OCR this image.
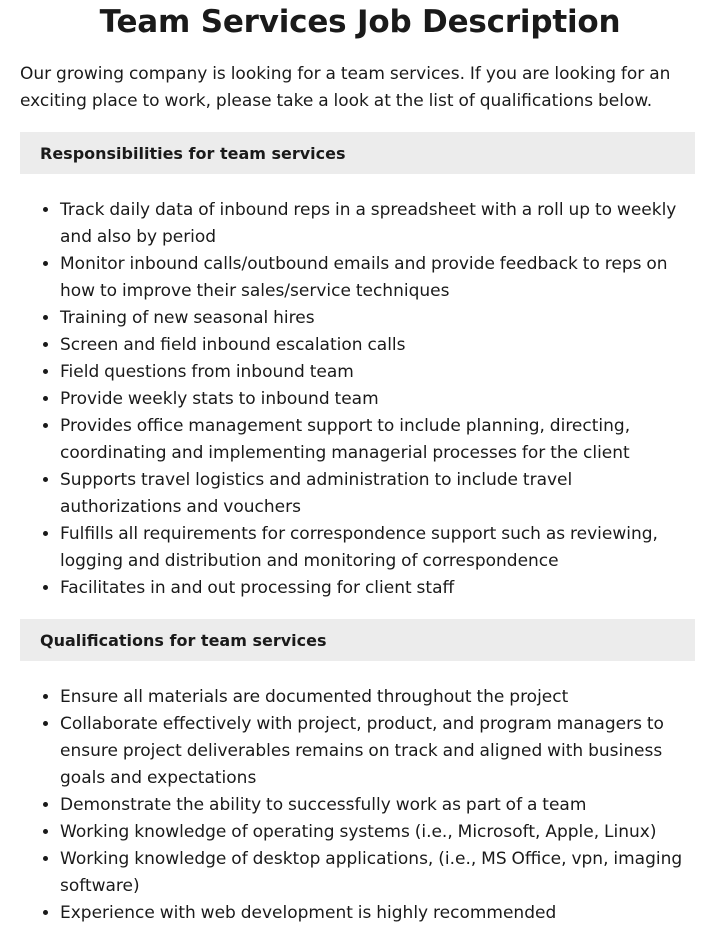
Team Services Job Description

Our growing company is looking for a team services. If you are looking for an exciting place to work, please take a look at the list of qualifications below.

Responsibilities for team services
• Track daily data of inbound reps in a spreadsheet with a roll up to weekly and also by period
• Monitor inbound calls/outbound emails and provide feedback to reps on how to improve their sales/service techniques
• Training of new seasonal hires
• Screen and field inbound escalation calls
• Field questions from inbound team
• Provide weekly stats to inbound team
• Provides office management support to include planning, directing, coordinating and implementing managerial processes for the client
• Supports travel logistics and administration to include travel authorizations and vouchers
• Fulfills all requirements for correspondence support such as reviewing, logging and distribution and monitoring of correspondence
• Facilitates in and out processing for client staff
Qualifications for team services
• Ensure all materials are documented throughout the project
• Collaborate effectively with project, product, and program managers to ensure project deliverables remains on track and aligned with business goals and expectations
• Demonstrate the ability to successfully work as part of a team
• Working knowledge of operating systems (i.e., Microsoft, Apple, Linux)
• Working knowledge of desktop applications, (i.e., MS Office, vpn, imaging software)
• Experience with web development is highly recommended
